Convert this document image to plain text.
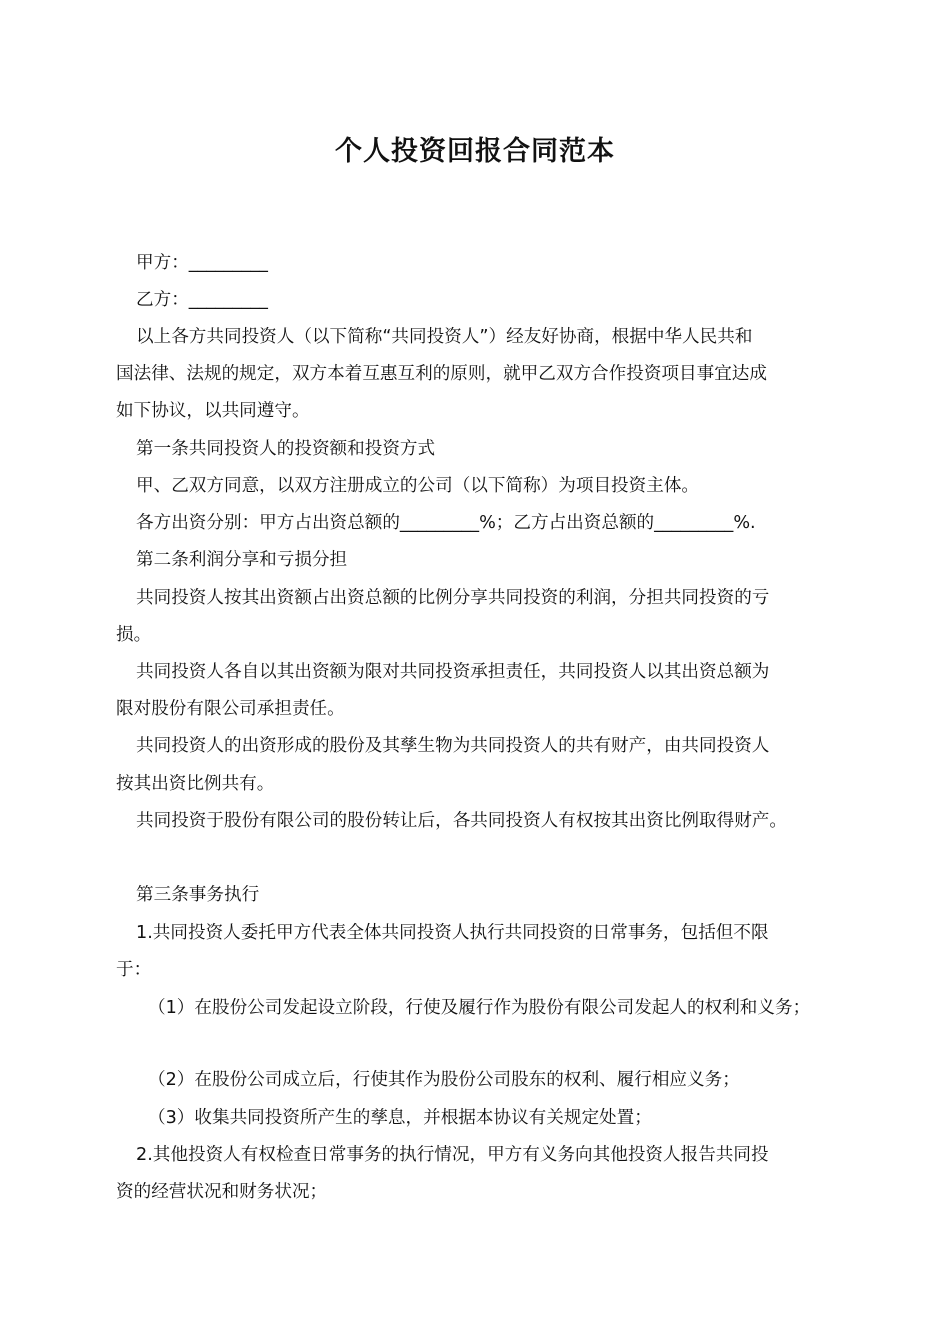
个人投资回报合同范本

甲方：_________

乙方：_________

以上各方共同投资人（以下简称“共同投资人”）经友好协商，根据中华人民共和

国法律、法规的规定，双方本着互惠互利的原则，就甲乙双方合作投资项目事宜达成

如下协议，以共同遵守。

第一条共同投资人的投资额和投资方式

甲、乙双方同意，以双方注册成立的公司（以下简称）为项目投资主体。

各方出资分别：甲方占出资总额的_________%；乙方占出资总额的_________%.

第二条利润分享和亏损分担

共同投资人按其出资额占出资总额的比例分享共同投资的利润，分担共同投资的亏

损。

共同投资人各自以其出资额为限对共同投资承担责任，共同投资人以其出资总额为

限对股份有限公司承担责任。

共同投资人的出资形成的股份及其孳生物为共同投资人的共有财产，由共同投资人

按其出资比例共有。

共同投资于股份有限公司的股份转让后，各共同投资人有权按其出资比例取得财产。

第三条事务执行

1.共同投资人委托甲方代表全体共同投资人执行共同投资的日常事务，包括但不限

于：

（1）在股份公司发起设立阶段，行使及履行作为股份有限公司发起人的权利和义务；

（2）在股份公司成立后，行使其作为股份公司股东的权利、履行相应义务；

（3）收集共同投资所产生的孳息，并根据本协议有关规定处置；

2.其他投资人有权检查日常事务的执行情况，甲方有义务向其他投资人报告共同投

资的经营状况和财务状况；
